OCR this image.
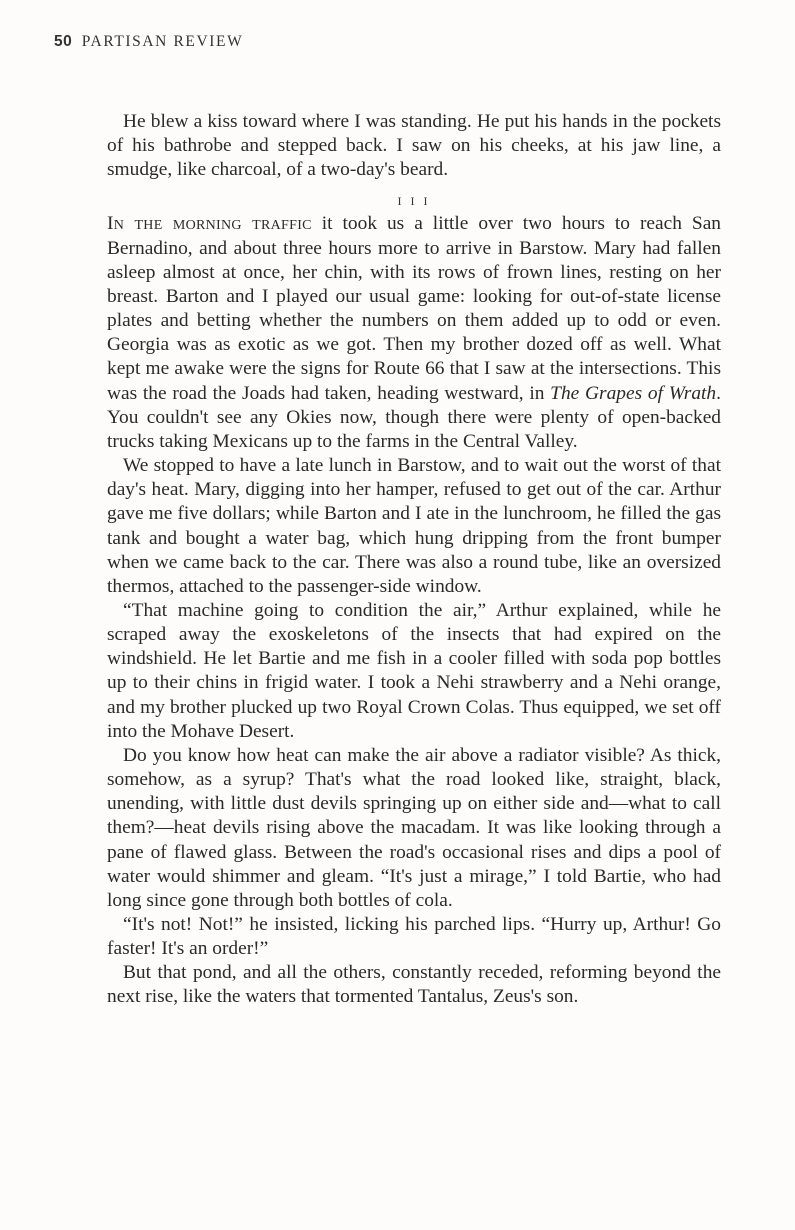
50 PARTISAN REVIEW

He blew a kiss toward where I was standing. He put his hands in the pockets of his bathrobe and stepped back. I saw on his cheeks, at his jaw line, a smudge, like charcoal, of a two-day's beard.

I I I

In the morning traffic it took us a little over two hours to reach San Bernadino, and about three hours more to arrive in Barstow. Mary had fallen asleep almost at once, her chin, with its rows of frown lines, resting on her breast. Barton and I played our usual game: looking for out-of-state license plates and betting whether the numbers on them added up to odd or even. Georgia was as exotic as we got. Then my brother dozed off as well. What kept me awake were the signs for Route 66 that I saw at the intersections. This was the road the Joads had taken, heading westward, in The Grapes of Wrath. You couldn't see any Okies now, though there were plenty of open-backed trucks taking Mexicans up to the farms in the Central Valley.

We stopped to have a late lunch in Barstow, and to wait out the worst of that day's heat. Mary, digging into her hamper, refused to get out of the car. Arthur gave me five dollars; while Barton and I ate in the lunchroom, he filled the gas tank and bought a water bag, which hung dripping from the front bumper when we came back to the car. There was also a round tube, like an oversized thermos, attached to the passenger-side window.

“That machine going to condition the air,” Arthur explained, while he scraped away the exoskeletons of the insects that had expired on the windshield. He let Bartie and me fish in a cooler filled with soda pop bottles up to their chins in frigid water. I took a Nehi strawberry and a Nehi orange, and my brother plucked up two Royal Crown Colas. Thus equipped, we set off into the Mohave Desert.

Do you know how heat can make the air above a radiator visible? As thick, somehow, as a syrup? That's what the road looked like, straight, black, unending, with little dust devils springing up on either side and—what to call them?—heat devils rising above the macadam. It was like looking through a pane of flawed glass. Between the road's occasional rises and dips a pool of water would shimmer and gleam. “It's just a mirage,” I told Bartie, who had long since gone through both bottles of cola.

“It's not! Not!” he insisted, licking his parched lips. “Hurry up, Arthur! Go faster! It's an order!”

But that pond, and all the others, constantly receded, reforming beyond the next rise, like the waters that tormented Tantalus, Zeus's son.
